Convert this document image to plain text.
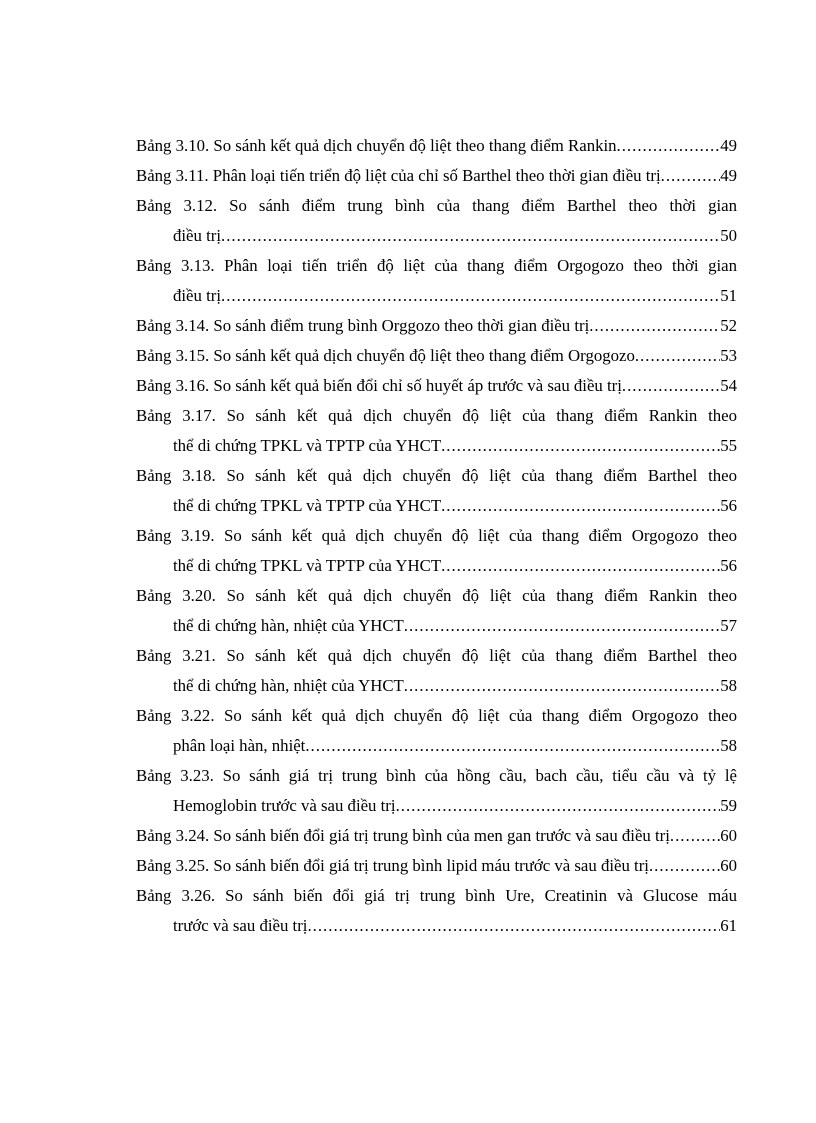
Bảng 3.10. So sánh kết quả dịch chuyển độ liệt theo thang điểm Rankin .....	49
Bảng 3.11. Phân loại tiến triển độ liệt của chỉ số Barthel theo thời gian điều trị .....	49
Bảng 3.12. So sánh điểm trung bình của thang điểm Barthel theo thời gian
điều trị .....	50
Bảng 3.13. Phân loại tiến triển độ liệt của thang điểm Orgogozo theo thời gian
điều trị .....	51
Bảng 3.14. So sánh điểm trung bình Orggozo theo thời gian điều trị .....	52
Bảng 3.15. So sánh kết quả dịch chuyển độ liệt theo thang điểm Orgogozo .....	53
Bảng 3.16. So sánh kết quả biến đổi chỉ số huyết áp trước và sau điều trị .....	54
Bảng 3.17. So sánh kết quả dịch chuyển độ liệt của thang điểm Rankin theo
thể di chứng TPKL và TPTP của YHCT .....	55
Bảng 3.18. So sánh kết quả dịch chuyển độ liệt của thang điểm Barthel theo
thể di chứng TPKL và TPTP của YHCT .....	56
Bảng 3.19. So sánh kết quả dịch chuyển độ liệt của thang điểm Orgogozo theo
thể di chứng TPKL và TPTP của YHCT .....	56
Bảng 3.20. So sánh kết quả dịch chuyển độ liệt của thang điểm Rankin theo
thể di chứng hàn, nhiệt của YHCT .....	57
Bảng 3.21. So sánh kết quả dịch chuyển độ liệt của thang điểm Barthel theo
thể di chứng hàn, nhiệt của YHCT .....	58
Bảng 3.22. So sánh kết quả dịch chuyển độ liệt của thang điểm Orgogozo theo
phân loại hàn, nhiệt .....	58
Bảng 3.23. So sánh giá trị trung bình của hồng cầu, bach cầu, tiểu cầu và tỷ lệ
Hemoglobin trước và sau điều trị .....	59
Bảng 3.24. So sánh biến đổi giá trị trung bình của men gan trước và sau điều trị .....	60
Bảng 3.25. So sánh biến đổi giá trị trung bình lipid máu trước và sau điều trị .....	60
Bảng 3.26. So sánh biến đổi giá trị trung bình Ure, Creatinin và Glucose máu
trước và sau điều trị .....	61
